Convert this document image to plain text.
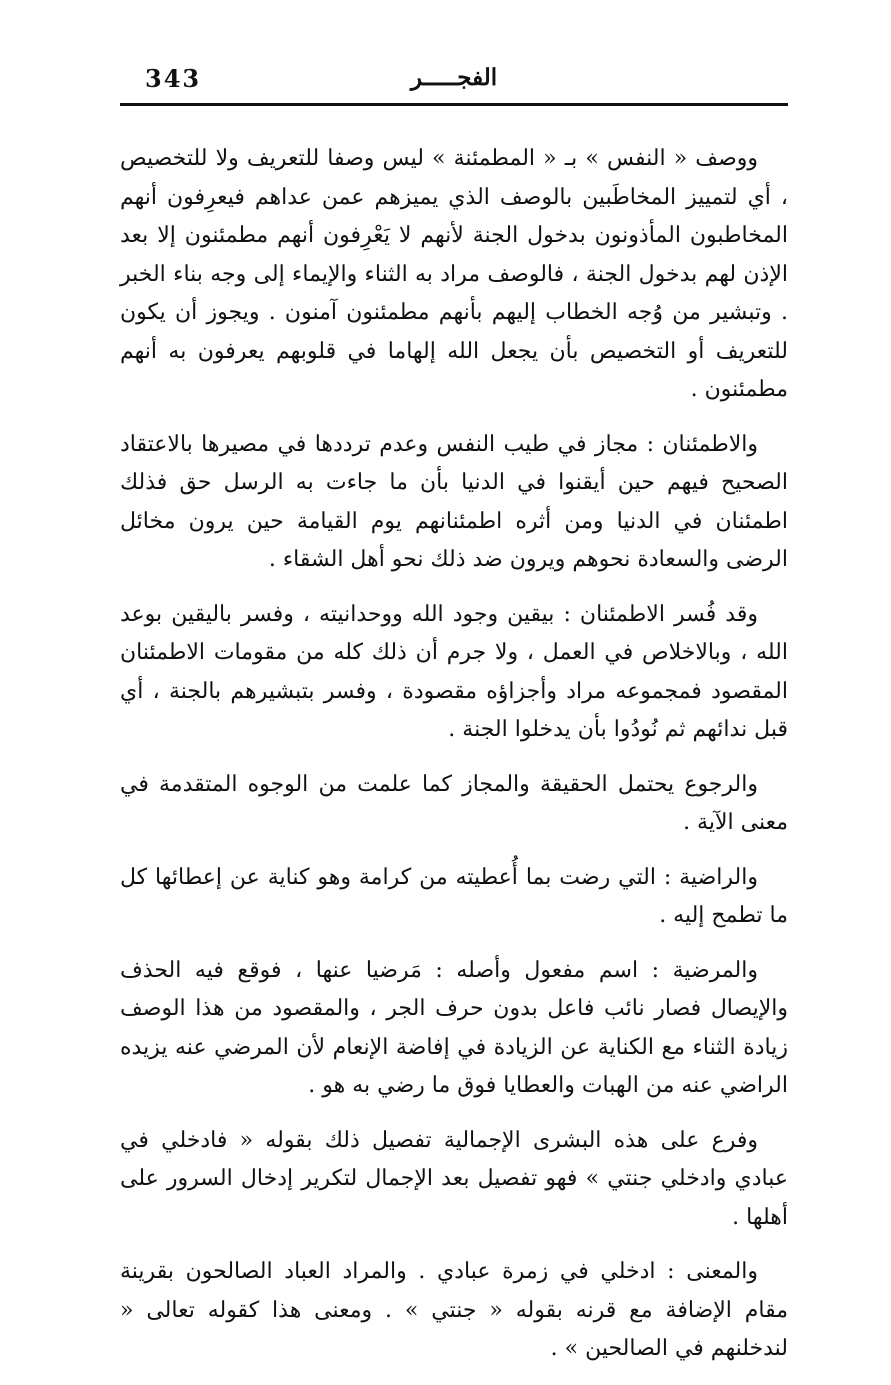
343	الفجـــــر

ووصف « النفس » بـ « المطمئنة » ليس وصفا للتعريف ولا للتخصيص ، أي لتمييز المخاطَبين بالوصف الذي يميزهم عمن عداهم فيعرِفون أنهم المخاطبون المأذونون بدخول الجنة لأنهم لا يَعْرِفون أنهم مطمئنون إلا بعد الإذن لهم بدخول الجنة ، فالوصف مراد به الثناء والإيماء إلى وجه بناء الخبر . وتبشير من وُجه الخطاب إليهم بأنهم مطمئنون آمنون . ويجوز أن يكون للتعريف أو التخصيص بأن يجعل الله إلهاما في قلوبهم يعرفون به أنهم مطمئنون .

والاطمئنان : مجاز في طيب النفس وعدم ترددها في مصيرها بالاعتقاد الصحيح فيهم حين أيقنوا في الدنيا بأن ما جاءت به الرسل حق فذلك اطمئنان في الدنيا ومن أثره اطمئنانهم يوم القيامة حين يرون مخائل الرضى والسعادة نحوهم ويرون ضد ذلك نحو أهل الشقاء .

وقد فُسر الاطمئنان : بيقين وجود الله ووحدانيته ، وفسر باليقين بوعد الله ، وبالاخلاص في العمل ، ولا جرم أن ذلك كله من مقومات الاطمئنان المقصود فمجموعه مراد وأجزاؤه مقصودة ، وفسر بتبشيرهم بالجنة ، أي قبل ندائهم ثم نُودُوا بأن يدخلوا الجنة .

والرجوع يحتمل الحقيقة والمجاز كما علمت من الوجوه المتقدمة في معنى الآية .

والراضية : التي رضت بما أُعطيته من كرامة وهو كناية عن إعطائها كل ما تطمح إليه .

والمرضية : اسم مفعول وأصله : مَرضيا عنها ، فوقع فيه الحذف والإيصال فصار نائب فاعل بدون حرف الجر ، والمقصود من هذا الوصف زيادة الثناء مع الكناية عن الزيادة في إفاضة الإنعام لأن المرضي عنه يزيده الراضي عنه من الهبات والعطايا فوق ما رضي به هو .

وفرع على هذه البشرى الإجمالية تفصيل ذلك بقوله « فادخلي في عبادي وادخلي جنتي » فهو تفصيل بعد الإجمال لتكرير إدخال السرور على أهلها .

والمعنى : ادخلي في زمرة عبادي . والمراد العباد الصالحون بقرينة مقام الإضافة مع قرنه بقوله « جنتي » . ومعنى هذا كقوله تعالى « لندخلنهم في الصالحين » .
